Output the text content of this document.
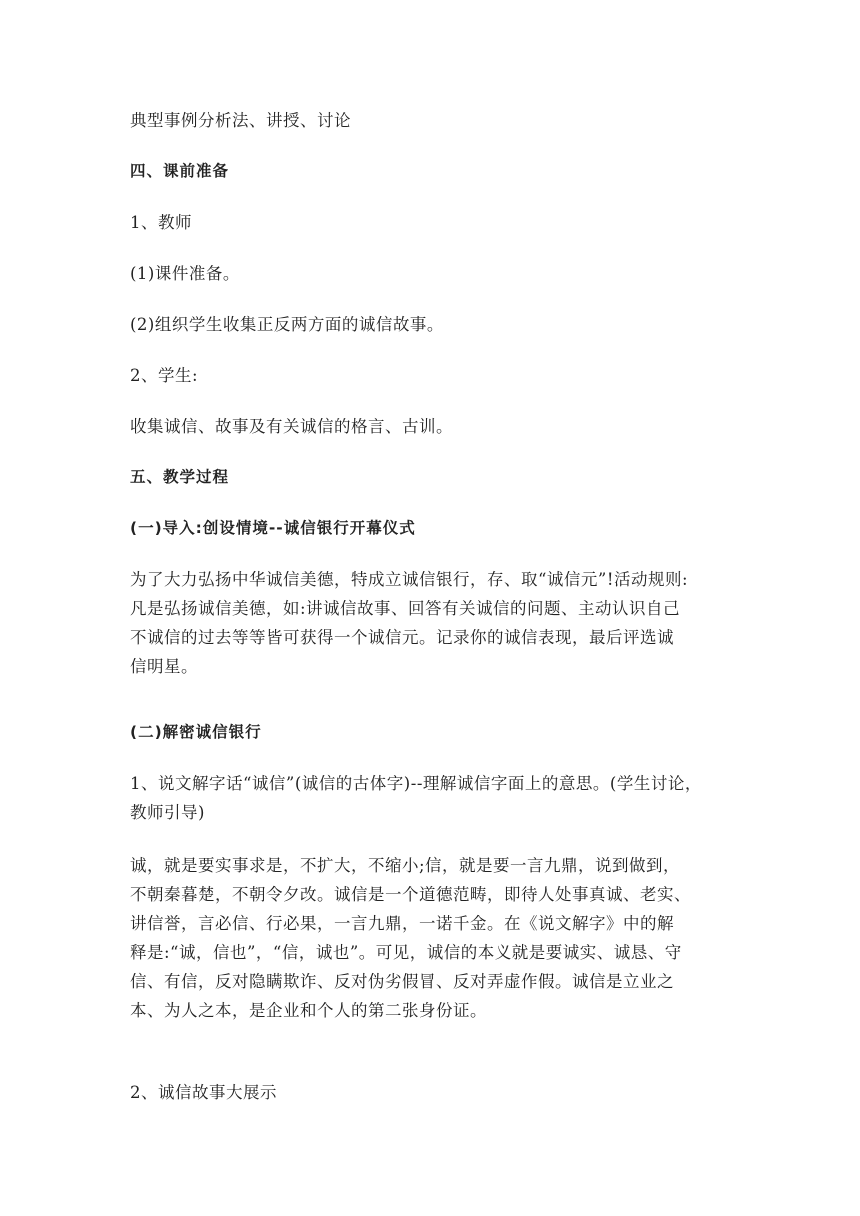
典型事例分析法、讲授、讨论

四、课前准备

1、教师

(1)课件准备。

(2)组织学生收集正反两方面的诚信故事。

2、学生:

收集诚信、故事及有关诚信的格言、古训。

五、教学过程

(一)导入:创设情境--诚信银行开幕仪式

为了大力弘扬中华诚信美德，特成立诚信银行，存、取“诚信元”!活动规则:
凡是弘扬诚信美德，如:讲诚信故事、回答有关诚信的问题、主动认识自己
不诚信的过去等等皆可获得一个诚信元。记录你的诚信表现，最后评选诚
信明星。

(二)解密诚信银行

1、说文解字话“诚信”(诚信的古体字)--理解诚信字面上的意思。(学生讨论，
教师引导)
诚，就是要实事求是，不扩大，不缩小;信，就是要一言九鼎，说到做到，
不朝秦暮楚，不朝令夕改。诚信是一个道德范畴，即待人处事真诚、老实、
讲信誉，言必信、行必果，一言九鼎，一诺千金。在《说文解字》中的解
释是:“诚，信也”，“信，诚也”。可见，诚信的本义就是要诚实、诚恳、守
信、有信，反对隐瞒欺诈、反对伪劣假冒、反对弄虚作假。诚信是立业之
本、为人之本，是企业和个人的第二张身份证。

2、诚信故事大展示
